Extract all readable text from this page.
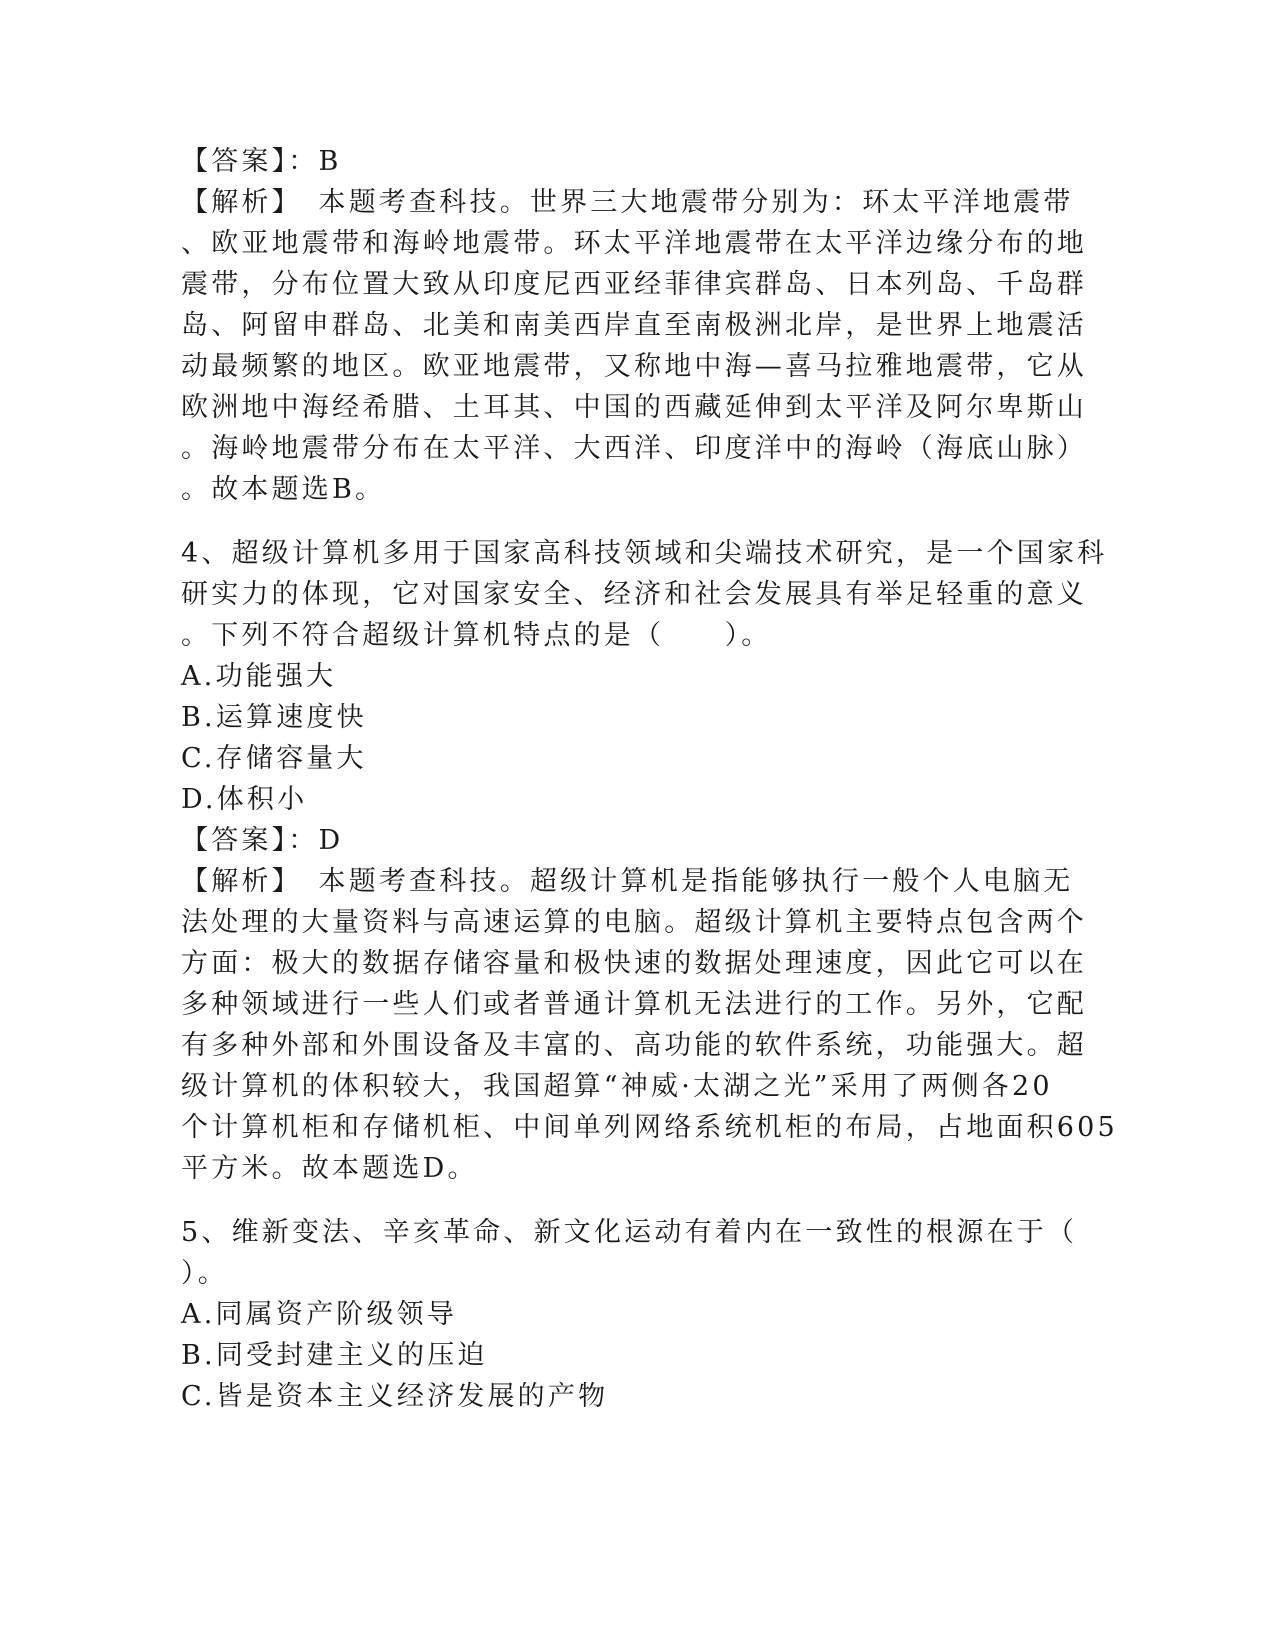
【答案】：B
【解析】　本题考查科技。世界三大地震带分别为：环太平洋地震带
、欧亚地震带和海岭地震带。环太平洋地震带在太平洋边缘分布的地
震带，分布位置大致从印度尼西亚经菲律宾群岛、日本列岛、千岛群
岛、阿留申群岛、北美和南美西岸直至南极洲北岸，是世界上地震活
动最频繁的地区。欧亚地震带，又称地中海—喜马拉雅地震带，它从
欧洲地中海经希腊、土耳其、中国的西藏延伸到太平洋及阿尔卑斯山
。海岭地震带分布在太平洋、大西洋、印度洋中的海岭（海底山脉）
。故本题选B。
4、超级计算机多用于国家高科技领域和尖端技术研究，是一个国家科
研实力的体现，它对国家安全、经济和社会发展具有举足轻重的意义
。下列不符合超级计算机特点的是（　　）。
A.功能强大
B.运算速度快
C.存储容量大
D.体积小
【答案】：D
【解析】　本题考查科技。超级计算机是指能够执行一般个人电脑无
法处理的大量资料与高速运算的电脑。超级计算机主要特点包含两个
方面：极大的数据存储容量和极快速的数据处理速度，因此它可以在
多种领域进行一些人们或者普通计算机无法进行的工作。另外，它配
有多种外部和外围设备及丰富的、高功能的软件系统，功能强大。超
级计算机的体积较大，我国超算“神威·太湖之光”采用了两侧各20
个计算机柜和存储机柜、中间单列网络系统机柜的布局，占地面积605
平方米。故本题选D。
5、维新变法、辛亥革命、新文化运动有着内在一致性的根源在于（
）。
A.同属资产阶级领导
B.同受封建主义的压迫
C.皆是资本主义经济发展的产物
